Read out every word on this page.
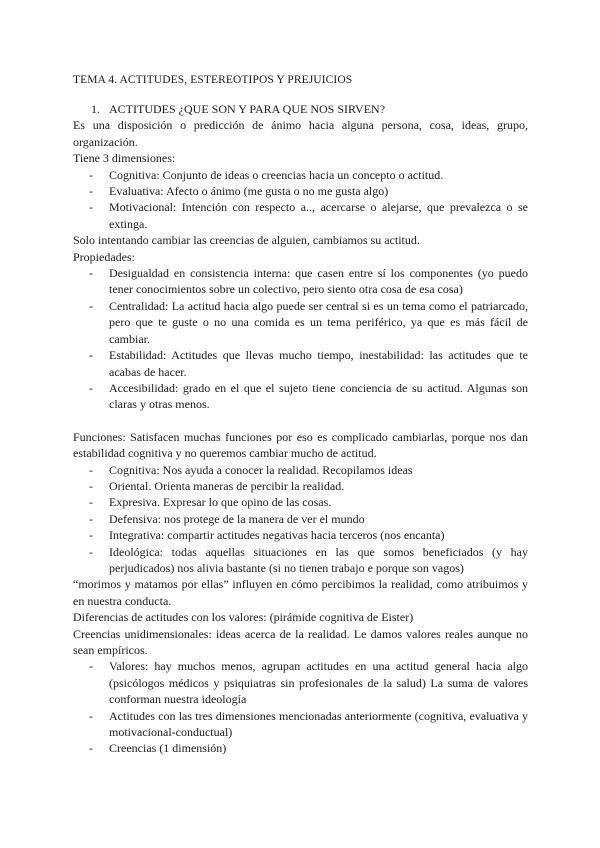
TEMA 4. ACTITUDES, ESTEREOTIPOS Y PREJUICIOS
1. ACTITUDES ¿QUE SON Y PARA QUE NOS SIRVEN?

Es una disposición o predicción de ánimo hacia alguna persona, cosa, ideas, grupo, organización.

Tiene 3 dimensiones:

-	Cognitiva: Conjunto de ideas o creencias hacia un concepto o actitud.
-	Evaluativa: Afecto o ánimo (me gusta o no me gusta algo)
-	Motivacional: Intención con respecto a.., acercarse o alejarse, que prevalezca o se extinga.

Solo intentando cambiar las creencias de alguien, cambiamos su actitud.

Propiedades:

-	Desigualdad en consistencia interna: que casen entre sí los componentes (yo puedo tener conocimientos sobre un colectivo, pero siento otra cosa de esa cosa)
-	Centralidad: La actitud hacia algo puede ser central si es un tema como el patriarcado, pero que te guste o no una comida es un tema periférico, ya que es más fácil de cambiar.
-	Estabilidad: Actitudes que llevas mucho tiempo, inestabilidad: las actitudes que te acabas de hacer.
-	Accesibilidad: grado en el que el sujeto tiene conciencia de su actitud. Algunas son claras y otras menos.

Funciones: Satisfacen muchas funciones por eso es complicado cambiarlas, porque nos dan estabilidad cognitiva y no queremos cambiar mucho de actitud.

-	Cognitiva: Nos ayuda a conocer la realidad. Recopilamos ideas
-	Oriental. Orienta maneras de percibir la realidad.
-	Expresiva. Expresar lo que opino de las cosas.
-	Defensiva: nos protege de la manera de ver el mundo
-	Integrativa: compartir actitudes negativas hacia terceros (nos encanta)
-	Ideológica: todas aquellas situaciones en las que somos beneficiados (y hay perjudicados) nos alivia bastante (si no tienen trabajo e porque son vagos)

“morimos y matamos por ellas” influyen en cómo percibimos la realidad, como atribuimos y en nuestra conducta.

Diferencias de actitudes con los valores: (pirámide cognitiva de Eister)

Creencias unidimensionales: ideas acerca de la realidad. Le damos valores reales aunque no sean empíricos.

-	Valores: hay muchos menos, agrupan actitudes en una actitud general hacia algo (psicólogos médicos y psiquiatras sin profesionales de la salud) La suma de valores conforman nuestra ideología
-	Actitudes con las tres dimensiones mencionadas anteriormente (cognitiva, evaluativa y motivacional-conductual)
-	Creencias (1 dimensión)
